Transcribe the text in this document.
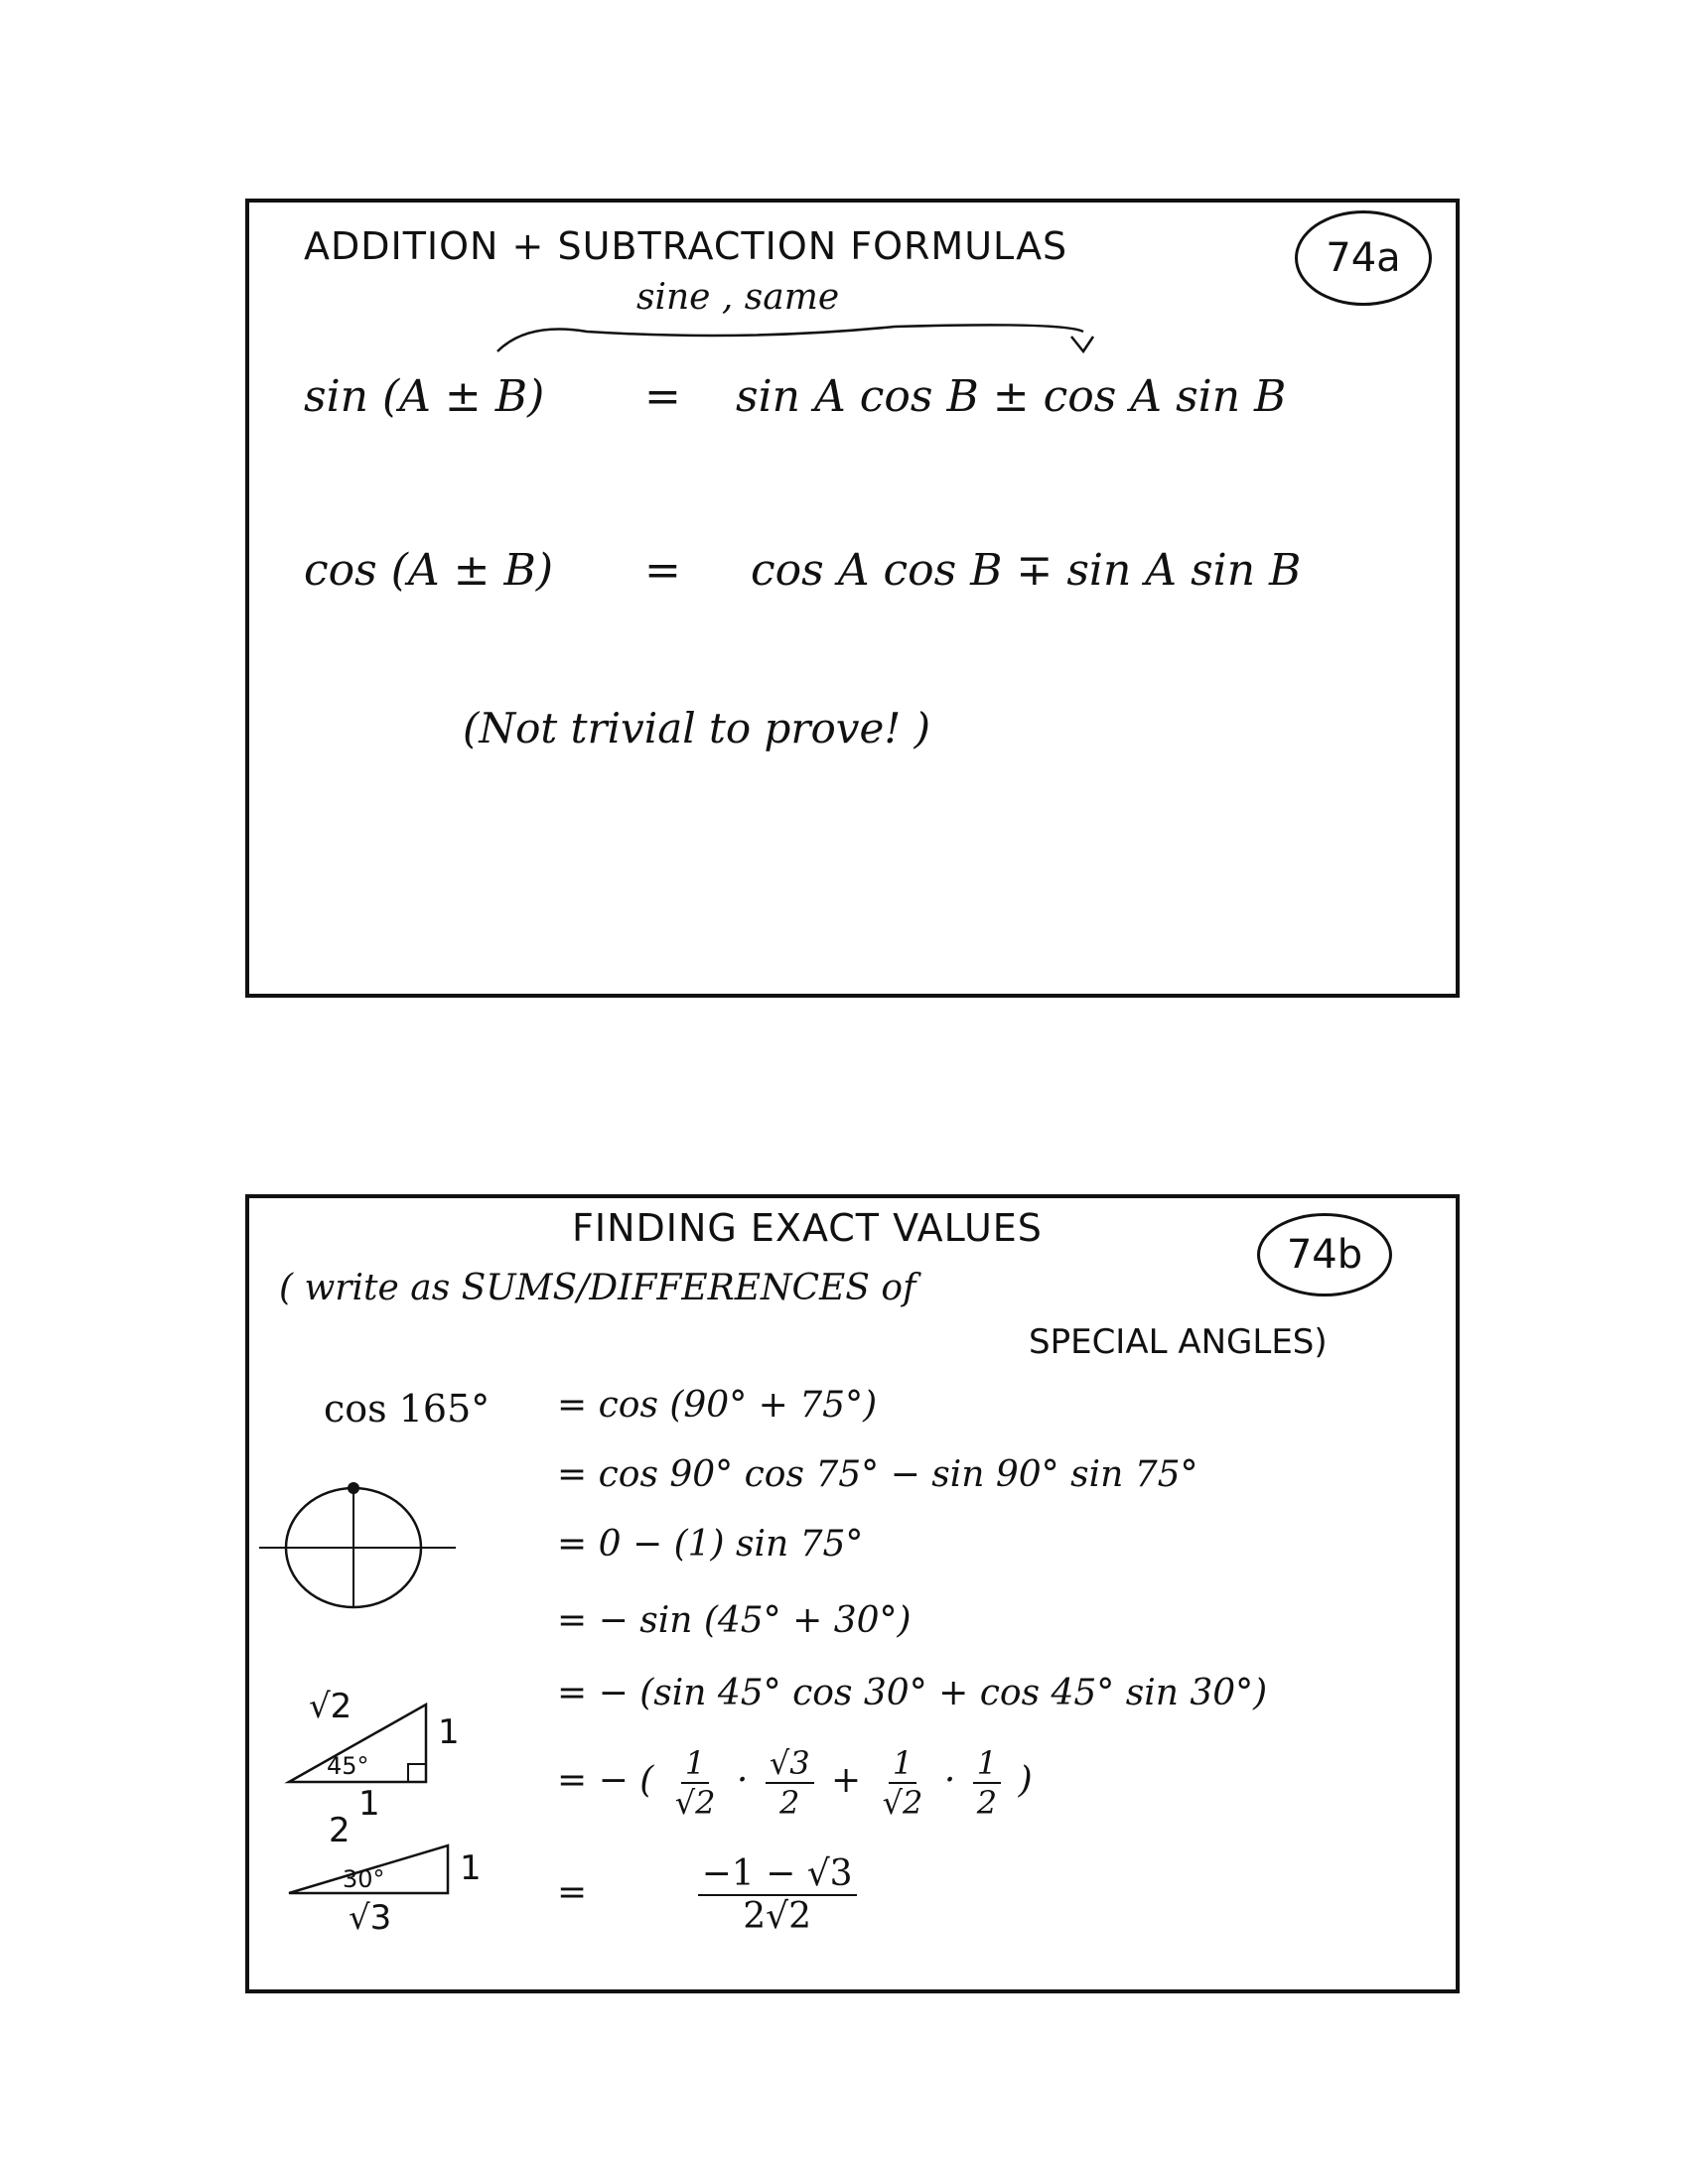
ADDITION + SUBTRACTION FORMULAS	74a
sine , same
sin (A ± B) = sin A cos B ± cos A sin B
cos (A ± B) = cos A cos B ∓ sin A sin B
(Not trivial to prove! )
FINDING EXACT VALUES
74b
( write as SUMS/DIFFERENCES of
SPECIAL ANGLES)
cos 165° = cos (90° + 75°)
= cos 90° cos 75° − sin 90° sin 75°
= 0 − (1) sin 75°
= − sin (45° + 30°)
= − (sin 45° cos 30° + cos 45° sin 30°)
= − ( $\frac{1}{√2} \cdot \frac{√3}{2} + \frac{1}{√2} \cdot \frac{1}{2}$ )
=	$\frac{-1 - √3}{2√2}$
√2
45°
1
1
2
30° 1
√3
